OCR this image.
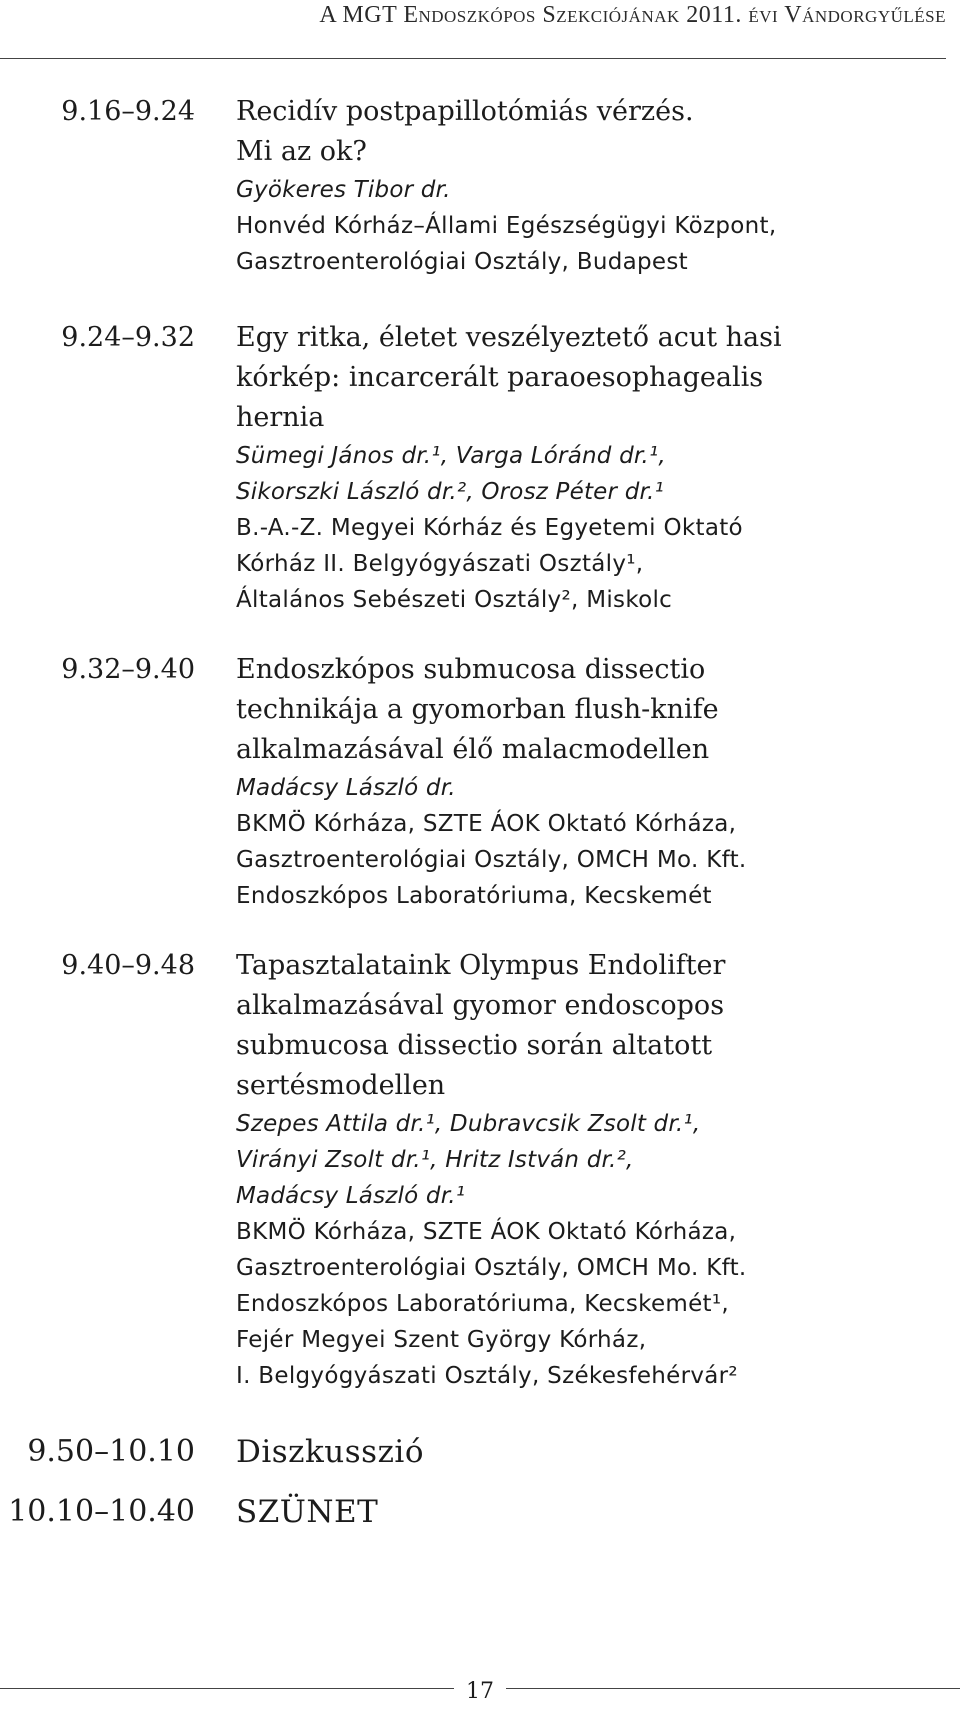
A MGT Endoszkópos Szekciójának 2011. évi Vándorgyűlése
9.16–9.24 Recidív postpapillotómiás vérzés.
Mi az ok?
Gyökeres Tibor dr.
Honvéd Kórház–Állami Egészségügyi Központ,
Gasztroenterológiai Osztály, Budapest
9.24–9.32 Egy ritka, életet veszélyeztető acut hasi
kórkép: incarcerált paraoesophagealis
hernia
Sümegi János dr.¹, Varga Lóránd dr.¹,
Sikorszki László dr.², Orosz Péter dr.¹
B.-A.-Z. Megyei Kórház és Egyetemi Oktató
Kórház II. Belgyógyászati Osztály¹,
Általános Sebészeti Osztály², Miskolc
9.32–9.40 Endoszkópos submucosa dissectio
technikája a gyomorban flush-knife
alkalmazásával élő malacmodellen
Madácsy László dr.
BKMÖ Kórháza, SZTE ÁOK Oktató Kórháza,
Gasztroenterológiai Osztály, OMCH Mo. Kft.
Endoszkópos Laboratóriuma, Kecskemét
9.40–9.48 Tapasztalataink Olympus Endolifter
alkalmazásával gyomor endoscopos
submucosa dissectio során altatott
sertésmodellen
Szepes Attila dr.¹, Dubravcsik Zsolt dr.¹,
Virányi Zsolt dr.¹, Hritz István dr.²,
Madácsy László dr.¹
BKMÖ Kórháza, SZTE ÁOK Oktató Kórháza,
Gasztroenterológiai Osztály, OMCH Mo. Kft.
Endoszkópos Laboratóriuma, Kecskemét¹,
Fejér Megyei Szent György Kórház,
I. Belgyógyászati Osztály, Székesfehérvár²
9.50–10.10 Diszkusszió
10.10–10.40 SZÜNET
17
